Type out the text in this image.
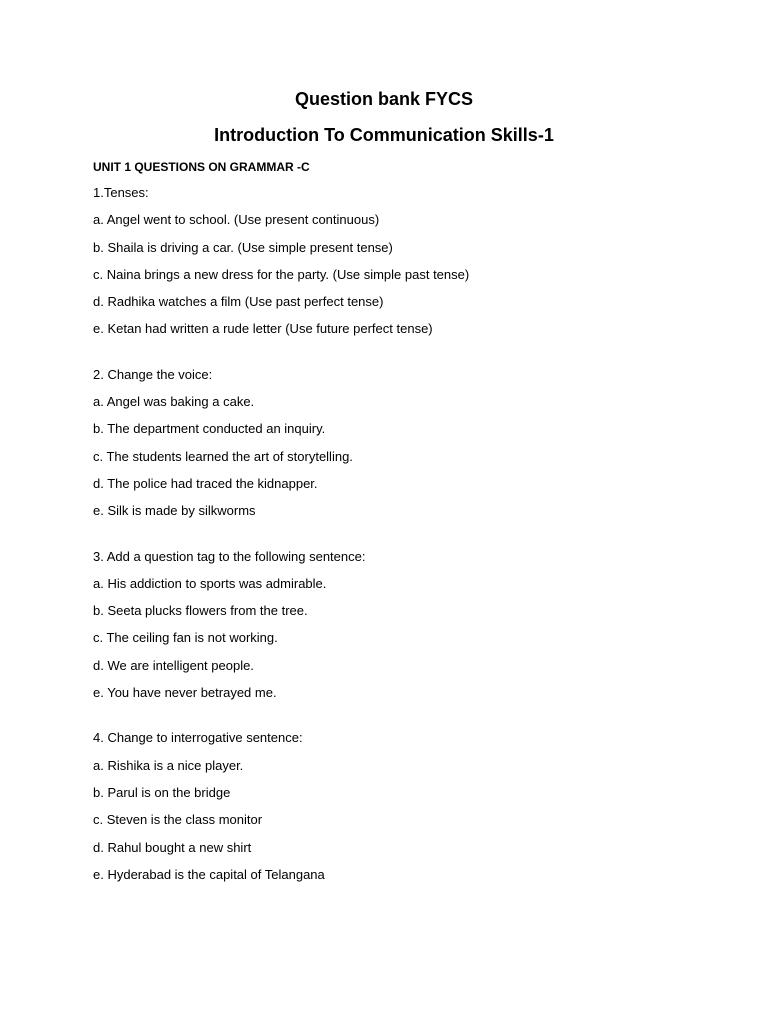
Question bank FYCS
Introduction To Communication Skills-1
UNIT 1 QUESTIONS ON GRAMMAR -C
1.Tenses:
a. Angel went to school. (Use present continuous)
b. Shaila is driving a car. (Use simple present tense)
c. Naina brings a new dress for the party. (Use simple past tense)
d. Radhika watches a film (Use past perfect tense)
e. Ketan had written a rude letter (Use future perfect tense)
2. Change the voice:
a. Angel was baking a cake.
b. The department conducted an inquiry.
c. The students learned the art of storytelling.
d. The police had traced the kidnapper.
e. Silk is made by silkworms
3. Add a question tag to the following sentence:
a. His addiction to sports was admirable.
b. Seeta plucks flowers from the tree.
c. The ceiling fan is not working.
d. We are intelligent people.
e. You have never betrayed me.
4. Change to interrogative sentence:
a. Rishika is a nice player.
b. Parul is on the bridge
c. Steven is the class monitor
d. Rahul bought a new shirt
e. Hyderabad is the capital of Telangana
